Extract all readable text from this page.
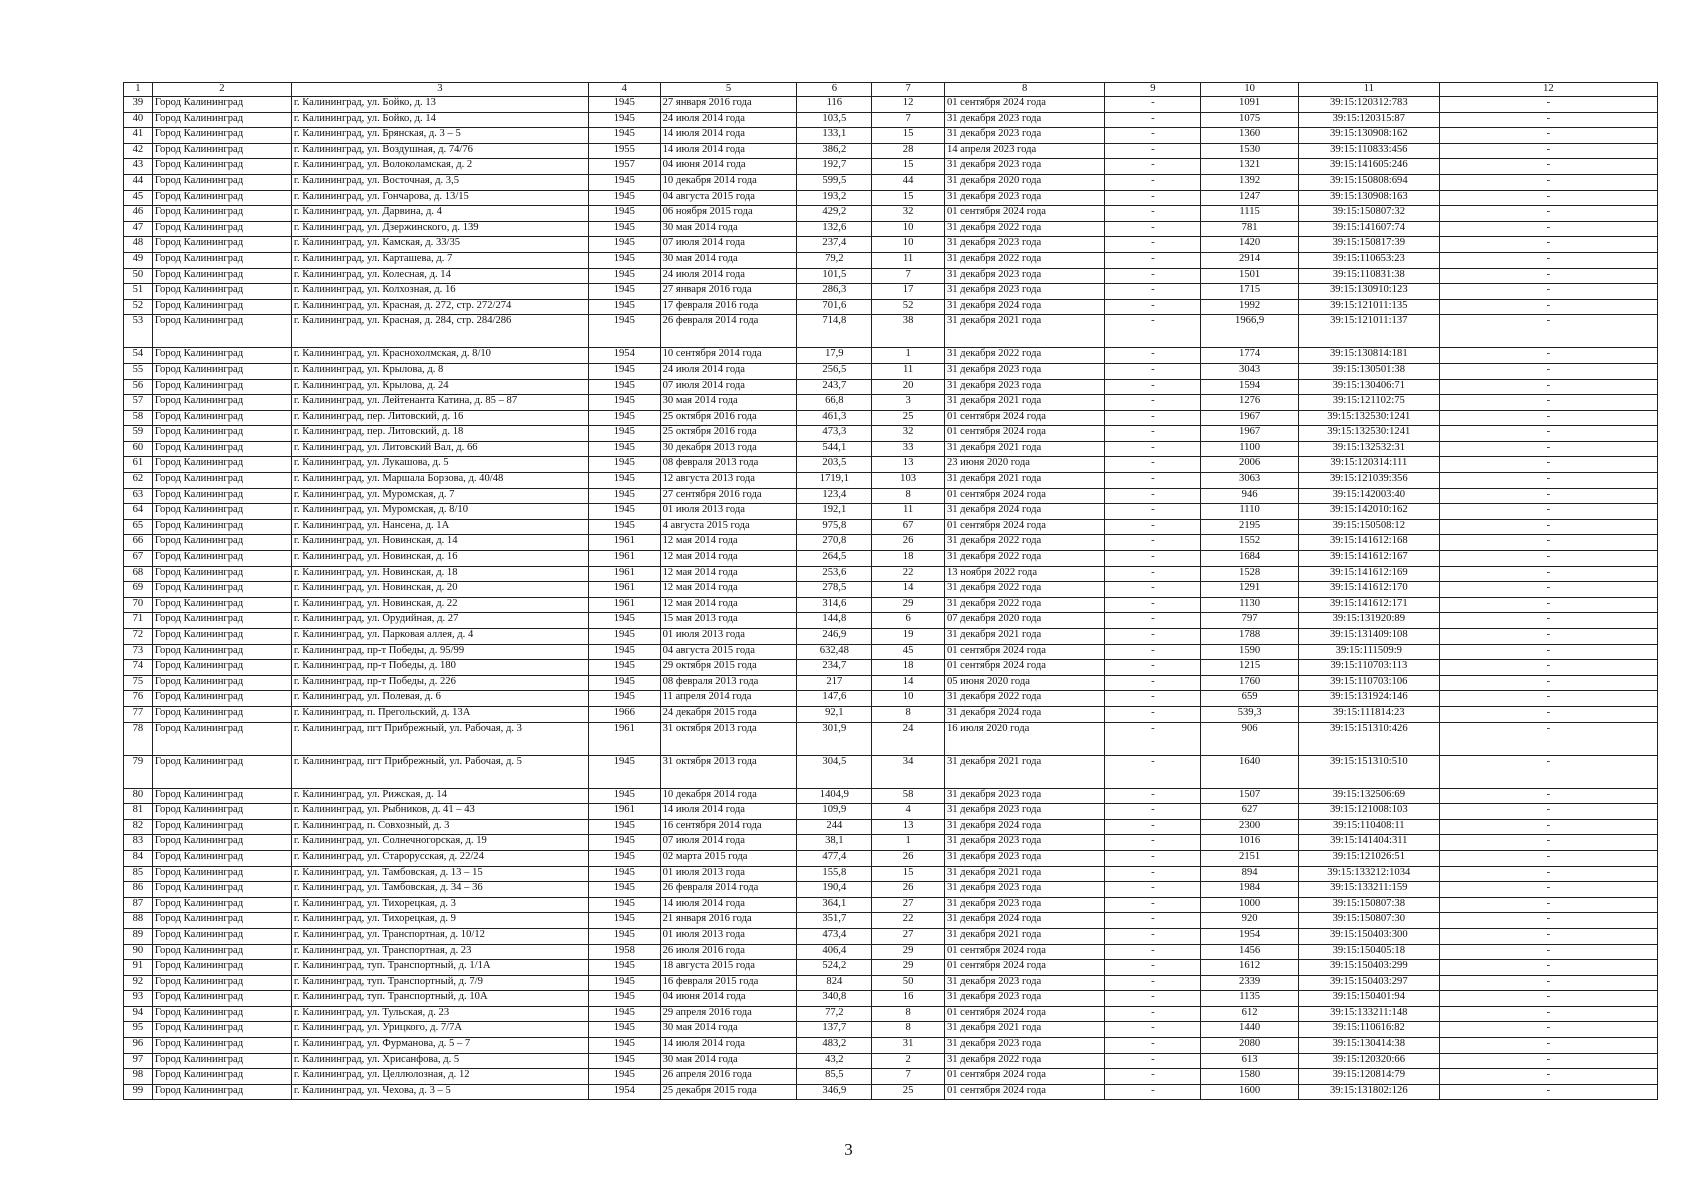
1	2	3	4	5	6	7	8	9	10	11	12
39	Город Калининград	г. Калининград, ул. Бойко, д. 13	1945	27 января 2016 года	116	12	01 сентября 2024 года	-	1091	39:15:120312:783	-
40	Город Калининград	г. Калининград, ул. Бойко, д. 14	1945	24 июля 2014 года	103,5	7	31 декабря 2023 года	-	1075	39:15:120315:87	-
41	Город Калининград	г. Калининград, ул. Брянская, д. 3 – 5	1945	14 июля 2014 года	133,1	15	31 декабря 2023 года	-	1360	39:15:130908:162	-
42	Город Калининград	г. Калининград, ул. Воздушная, д. 74/76	1955	14 июля 2014 года	386,2	28	14 апреля 2023 года	-	1530	39:15:110833:456	-
43	Город Калининград	г. Калининград, ул. Волоколамская, д. 2	1957	04 июня 2014 года	192,7	15	31 декабря 2023 года	-	1321	39:15:141605:246	-
44	Город Калининград	г. Калининград, ул. Восточная, д. 3,5	1945	10 декабря 2014 года	599,5	44	31 декабря 2020 года	-	1392	39:15:150808:694	-
45	Город Калининград	г. Калининград, ул. Гончарова, д. 13/15	1945	04 августа 2015 года	193,2	15	31 декабря 2023 года	-	1247	39:15:130908:163	-
46	Город Калининград	г. Калининград, ул. Дарвина, д. 4	1945	06 ноября 2015 года	429,2	32	01 сентября 2024 года	-	1115	39:15:150807:32	-
47	Город Калининград	г. Калининград, ул. Дзержинского, д. 139	1945	30 мая 2014 года	132,6	10	31 декабря 2022 года	-	781	39:15:141607:74	-
48	Город Калининград	г. Калининград, ул. Камская, д. 33/35	1945	07 июля 2014 года	237,4	10	31 декабря 2023 года	-	1420	39:15:150817:39	-
49	Город Калининград	г. Калининград, ул. Карташева, д. 7	1945	30 мая 2014 года	79,2	11	31 декабря 2022 года	-	2914	39:15:110653:23	-
50	Город Калининград	г. Калининград, ул. Колесная, д. 14	1945	24 июля 2014 года	101,5	7	31 декабря 2023 года	-	1501	39:15:110831:38	-
51	Город Калининград	г. Калининград, ул. Колхозная, д. 16	1945	27 января 2016 года	286,3	17	31 декабря 2023 года	-	1715	39:15:130910:123	-
52	Город Калининград	г. Калининград, ул. Красная, д. 272, стр. 272/274	1945	17 февраля 2016 года	701,6	52	31 декабря 2024 года	-	1992	39:15:121011:135	-
53	Город Калининград	г. Калининград, ул. Красная, д. 284, стр. 284/286	1945	26 февраля 2014 года	714,8	38	31 декабря 2021 года	-	1966,9	39:15:121011:137	-
54	Город Калининград	г. Калининград, ул. Краснохолмская, д. 8/10	1954	10 сентября 2014 года	17,9	1	31 декабря 2022 года	-	1774	39:15:130814:181	-
55	Город Калининград	г. Калининград, ул. Крылова, д. 8	1945	24 июля 2014 года	256,5	11	31 декабря 2023 года	-	3043	39:15:130501:38	-
56	Город Калининград	г. Калининград, ул. Крылова, д. 24	1945	07 июля 2014 года	243,7	20	31 декабря 2023 года	-	1594	39:15:130406:71	-
57	Город Калининград	г. Калининград, ул. Лейтенанта Катина, д. 85 – 87	1945	30 мая 2014 года	66,8	3	31 декабря 2021 года	-	1276	39:15:121102:75	-
58	Город Калининград	г. Калининград, пер. Литовский, д. 16	1945	25 октября 2016 года	461,3	25	01 сентября 2024 года	-	1967	39:15:132530:1241	-
59	Город Калининград	г. Калининград, пер. Литовский, д. 18	1945	25 октября 2016 года	473,3	32	01 сентября 2024 года	-	1967	39:15:132530:1241	-
60	Город Калининград	г. Калининград, ул. Литовский Вал, д. 66	1945	30 декабря 2013 года	544,1	33	31 декабря 2021 года	-	1100	39:15:132532:31	-
61	Город Калининград	г. Калининград, ул. Лукашова, д. 5	1945	08 февраля 2013 года	203,5	13	23 июня 2020 года	-	2006	39:15:120314:111	-
62	Город Калининград	г. Калининград, ул. Маршала Борзова, д. 40/48	1945	12 августа 2013 года	1719,1	103	31 декабря 2021 года	-	3063	39:15:121039:356	-
63	Город Калининград	г. Калининград, ул. Муромская, д. 7	1945	27 сентября 2016 года	123,4	8	01 сентября 2024 года	-	946	39:15:142003:40	-
64	Город Калининград	г. Калининград, ул. Муромская, д. 8/10	1945	01 июля 2013 года	192,1	11	31 декабря 2024 года	-	1110	39:15:142010:162	-
65	Город Калининград	г. Калининград, ул. Нансена, д. 1А	1945	4 августа 2015 года	975,8	67	01 сентября 2024 года	-	2195	39:15:150508:12	-
66	Город Калининград	г. Калининград, ул. Новинская, д. 14	1961	12 мая 2014 года	270,8	26	31 декабря 2022 года	-	1552	39:15:141612:168	-
67	Город Калининград	г. Калининград, ул. Новинская, д. 16	1961	12 мая 2014 года	264,5	18	31 декабря 2022 года	-	1684	39:15:141612:167	-
68	Город Калининград	г. Калининград, ул. Новинская, д. 18	1961	12 мая 2014 года	253,6	22	13 ноября 2022 года	-	1528	39:15:141612:169	-
69	Город Калининград	г. Калининград, ул. Новинская, д. 20	1961	12 мая 2014 года	278,5	14	31 декабря 2022 года	-	1291	39:15:141612:170	-
70	Город Калининград	г. Калининград, ул. Новинская, д. 22	1961	12 мая 2014 года	314,6	29	31 декабря 2022 года	-	1130	39:15:141612:171	-
71	Город Калининград	г. Калининград, ул. Орудийная, д. 27	1945	15 мая 2013 года	144,8	6	07 декабря 2020 года	-	797	39:15:131920:89	-
72	Город Калининград	г. Калининград, ул. Парковая аллея, д. 4	1945	01 июля 2013 года	246,9	19	31 декабря 2021 года	-	1788	39:15:131409:108	-
73	Город Калининград	г. Калининград, пр-т Победы, д. 95/99	1945	04 августа 2015 года	632,48	45	01 сентября 2024 года	-	1590	39:15:111509:9	-
74	Город Калининград	г. Калининград, пр-т Победы, д. 180	1945	29 октября 2015 года	234,7	18	01 сентября 2024 года	-	1215	39:15:110703:113	-
75	Город Калининград	г. Калининград, пр-т Победы, д. 226	1945	08 февраля 2013 года	217	14	05 июня 2020 года	-	1760	39:15:110703:106	-
76	Город Калининград	г. Калининград, ул. Полевая, д. 6	1945	11 апреля 2014 года	147,6	10	31 декабря 2022 года	-	659	39:15:131924:146	-
77	Город Калининград	г. Калининград, п. Прегольский, д. 13А	1966	24 декабря 2015 года	92,1	8	31 декабря 2024 года	-	539,3	39:15:111814:23	-
78	Город Калининград	г. Калининград, пгт Прибрежный, ул. Рабочая, д. 3	1961	31 октября 2013 года	301,9	24	16 июля 2020 года	-	906	39:15:151310:426	-
79	Город Калининград	г. Калининград, пгт Прибрежный, ул. Рабочая, д. 5	1945	31 октября 2013 года	304,5	34	31 декабря 2021 года	-	1640	39:15:151310:510	-
80	Город Калининград	г. Калининград, ул. Рижская, д. 14	1945	10 декабря 2014 года	1404,9	58	31 декабря 2023 года	-	1507	39:15:132506:69	-
81	Город Калининград	г. Калининград, ул. Рыбников, д. 41 – 43	1961	14 июля 2014 года	109,9	4	31 декабря 2023 года	-	627	39:15:121008:103	-
82	Город Калининград	г. Калининград, п. Совхозный, д. 3	1945	16 сентября 2014 года	244	13	31 декабря 2024 года	-	2300	39:15:110408:11	-
83	Город Калининград	г. Калининград, ул. Солнечногорская, д. 19	1945	07 июля 2014 года	38,1	1	31 декабря 2023 года	-	1016	39:15:141404:311	-
84	Город Калининград	г. Калининград, ул. Старорусская, д. 22/24	1945	02 марта 2015 года	477,4	26	31 декабря 2023 года	-	2151	39:15:121026:51	-
85	Город Калининград	г. Калининград, ул. Тамбовская, д. 13 – 15	1945	01 июля 2013 года	155,8	15	31 декабря 2021 года	-	894	39:15:133212:1034	-
86	Город Калининград	г. Калининград, ул. Тамбовская, д. 34 – 36	1945	26 февраля 2014 года	190,4	26	31 декабря 2023 года	-	1984	39:15:133211:159	-
87	Город Калининград	г. Калининград, ул. Тихорецкая, д. 3	1945	14 июля 2014 года	364,1	27	31 декабря 2023 года	-	1000	39:15:150807:38	-
88	Город Калининград	г. Калининград, ул. Тихорецкая, д. 9	1945	21 января 2016 года	351,7	22	31 декабря 2024 года	-	920	39:15:150807:30	-
89	Город Калининград	г. Калининград, ул. Транспортная, д. 10/12	1945	01 июля 2013 года	473,4	27	31 декабря 2021 года	-	1954	39:15:150403:300	-
90	Город Калининград	г. Калининград, ул. Транспортная, д. 23	1958	26 июля 2016 года	406,4	29	01 сентября 2024 года	-	1456	39:15:150405:18	-
91	Город Калининград	г. Калининград, туп. Транспортный, д. 1/1А	1945	18 августа 2015 года	524,2	29	01 сентября 2024 года	-	1612	39:15:150403:299	-
92	Город Калининград	г. Калининград, туп. Транспортный, д. 7/9	1945	16 февраля 2015 года	824	50	31 декабря 2023 года	-	2339	39:15:150403:297	-
93	Город Калининград	г. Калининград, туп. Транспортный, д. 10А	1945	04 июня 2014 года	340,8	16	31 декабря 2023 года	-	1135	39:15:150401:94	-
94	Город Калининград	г. Калининград, ул. Тульская, д. 23	1945	29 апреля 2016 года	77,2	8	01 сентября 2024 года	-	612	39:15:133211:148	-
95	Город Калининград	г. Калининград, ул. Урицкого, д. 7/7А	1945	30 мая 2014 года	137,7	8	31 декабря 2021 года	-	1440	39:15:110616:82	-
96	Город Калининград	г. Калининград, ул. Фурманова, д. 5 – 7	1945	14 июля 2014 года	483,2	31	31 декабря 2023 года	-	2080	39:15:130414:38	-
97	Город Калининград	г. Калининград, ул. Хрисанфова, д. 5	1945	30 мая 2014 года	43,2	2	31 декабря 2022 года	-	613	39:15:120320:66	-
98	Город Калининград	г. Калининград, ул. Целлюлозная, д. 12	1945	26 апреля 2016 года	85,5	7	01 сентября 2024 года	-	1580	39:15:120814:79	-
99	Город Калининград	г. Калининград, ул. Чехова, д. 3 – 5	1954	25 декабря 2015 года	346,9	25	01 сентября 2024 года	-	1600	39:15:131802:126	-
3
